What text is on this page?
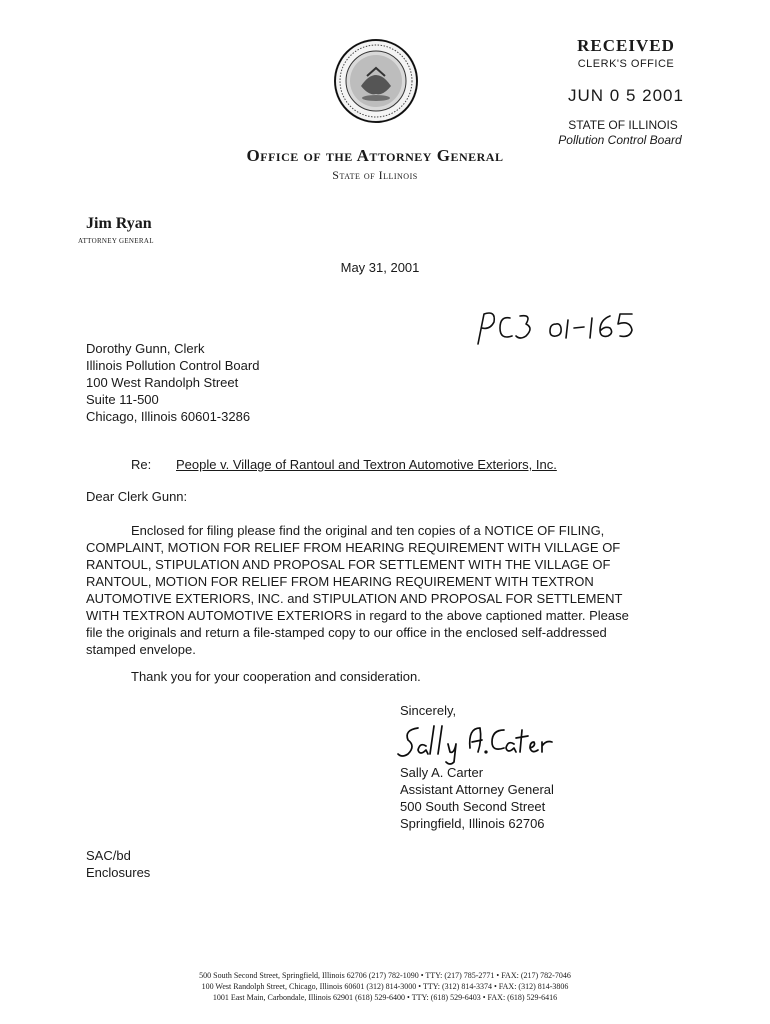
RECEIVED
CLERK'S OFFICE
JUN 0 5 2001
STATE OF ILLINOIS
Pollution Control Board
Office of the Attorney General
State of Illinois
Jim Ryan
ATTORNEY GENERAL
May 31, 2001
Dorothy Gunn, Clerk
Illinois Pollution Control Board
100 West Randolph Street
Suite 11-500
Chicago, Illinois 60601-3286
Re: People v. Village of Rantoul and Textron Automotive Exteriors, Inc.
Dear Clerk Gunn:
Enclosed for filing please find the original and ten copies of a NOTICE OF FILING,
COMPLAINT, MOTION FOR RELIEF FROM HEARING REQUIREMENT WITH VILLAGE OF
RANTOUL, STIPULATION AND PROPOSAL FOR SETTLEMENT WITH THE VILLAGE OF
RANTOUL, MOTION FOR RELIEF FROM HEARING REQUIREMENT WITH TEXTRON
AUTOMOTIVE EXTERIORS, INC. and STIPULATION AND PROPOSAL FOR SETTLEMENT
WITH TEXTRON AUTOMOTIVE EXTERIORS in regard to the above captioned matter. Please
file the originals and return a file-stamped copy to our office in the enclosed self-addressed
stamped envelope.
Thank you for your cooperation and consideration.
Sincerely,
Sally A. Carter
Assistant Attorney General
500 South Second Street
Springfield, Illinois 62706
SAC/bd
Enclosures
500 South Second Street, Springfield, Illinois 62706 (217) 782-1090 • TTY: (217) 785-2771 • FAX: (217) 782-7046
100 West Randolph Street, Chicago, Illinois 60601 (312) 814-3000 • TTY: (312) 814-3374 • FAX: (312) 814-3806
1001 East Main, Carbondale, Illinois 62901 (618) 529-6400 • TTY: (618) 529-6403 • FAX: (618) 529-6416
